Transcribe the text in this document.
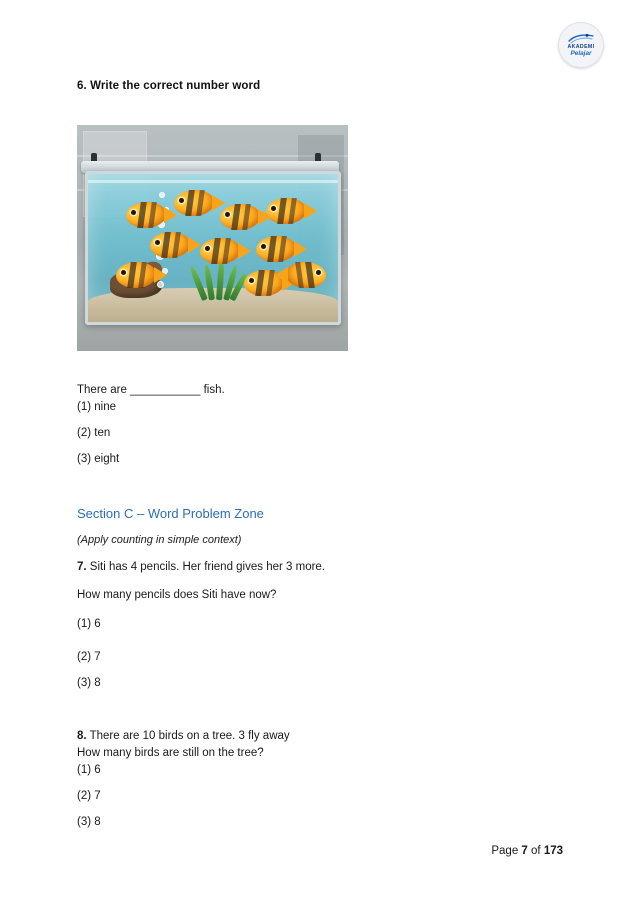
AKADEMI
Pelajar

6. Write the correct number word

There are ___________ fish.

(1) nine

(2) ten

(3) eight

Section C – Word Problem Zone

(Apply counting in simple context)

7. Siti has 4 pencils. Her friend gives her 3 more.

How many pencils does Siti have now?

(1) 6

(2) 7

(3) 8

8. There are 10 birds on a tree. 3 fly away

How many birds are still on the tree?

(1) 6

(2) 7

(3) 8

Page 7 of 173
